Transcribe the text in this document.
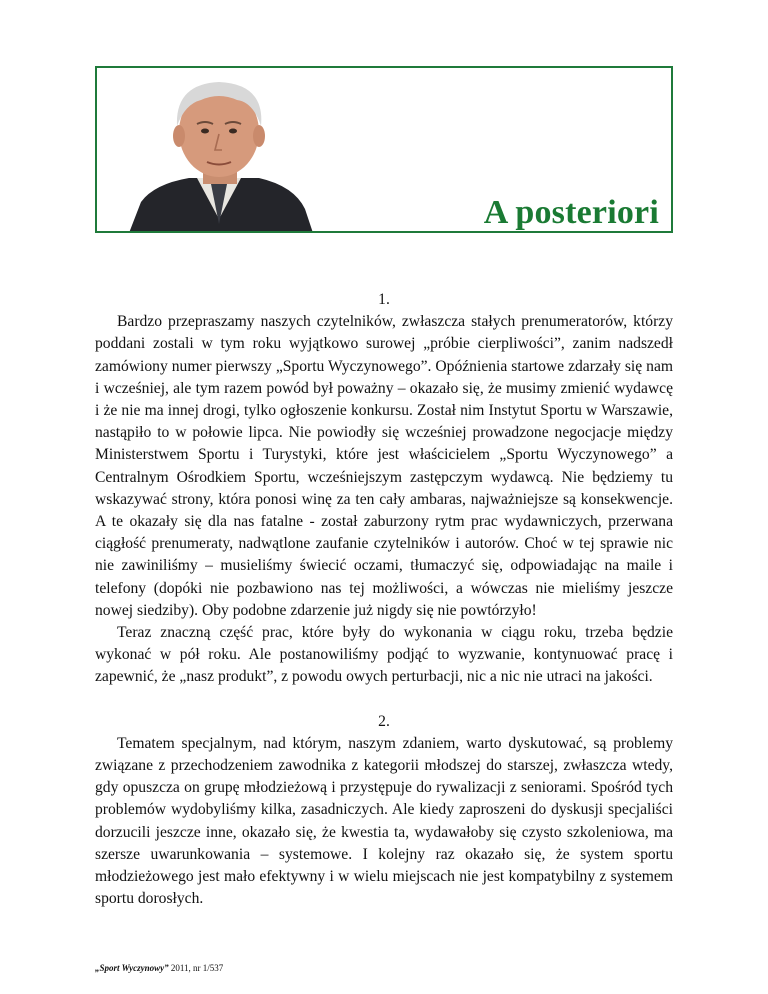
A posteriori

1.

Bardzo przepraszamy naszych czytelników, zwłaszcza stałych prenumeratorów, którzy poddani zostali w tym roku wyjątkowo surowej „próbie cierpliwości”, zanim nadszedł zamówiony numer pierwszy „Sportu Wyczynowego”. Opóźnienia startowe zdarzały się nam i wcześniej, ale tym razem powód był poważny – okazało się, że musimy zmienić wydawcę i że nie ma innej drogi, tylko ogłoszenie konkursu. Został nim Instytut Sportu w Warszawie, nastąpiło to w połowie lipca. Nie powiodły się wcześniej prowadzone negocjacje między Ministerstwem Sportu i Turystyki, które jest właścicielem „Sportu Wyczynowego” a Centralnym Ośrodkiem Sportu, wcześniejszym zastępczym wydawcą. Nie będziemy tu wskazywać strony, która ponosi winę za ten cały ambaras, najważniejsze są konsekwencje. A te okazały się dla nas fatalne - został zaburzony rytm prac wydawniczych, przerwana ciągłość prenumeraty, nadwątlone zaufanie czytelników i autorów. Choć w tej sprawie nic nie zawiniliśmy – musieliśmy świecić oczami, tłumaczyć się, odpowiadając na maile i telefony (dopóki nie pozbawiono nas tej możliwości, a wówczas nie mieliśmy jeszcze nowej siedziby). Oby podobne zdarzenie już nigdy się nie powtórzyło!

Teraz znaczną część prac, które były do wykonania w ciągu roku, trzeba będzie wykonać w pół roku. Ale postanowiliśmy podjąć to wyzwanie, kontynuować pracę i zapewnić, że „nasz produkt”, z powodu owych perturbacji, nic a nic nie utraci na jakości.

2.

Tematem specjalnym, nad którym, naszym zdaniem, warto dyskutować, są problemy związane z przechodzeniem zawodnika z kategorii młodszej do starszej, zwłaszcza wtedy, gdy opuszcza on grupę młodzieżową i przystępuje do rywalizacji z seniorami. Spośród tych problemów wydobyliśmy kilka, zasadniczych. Ale kiedy zaproszeni do dyskusji specjaliści dorzucili jeszcze inne, okazało się, że kwestia ta, wydawałoby się czysto szkoleniowa, ma szersze uwarunkowania – systemowe. I kolejny raz okazało się, że system sportu młodzieżowego jest mało efektywny i w wielu miejscach nie jest kompatybilny z systemem sportu dorosłych.

„Sport Wyczynowy” 2011, nr 1/537
